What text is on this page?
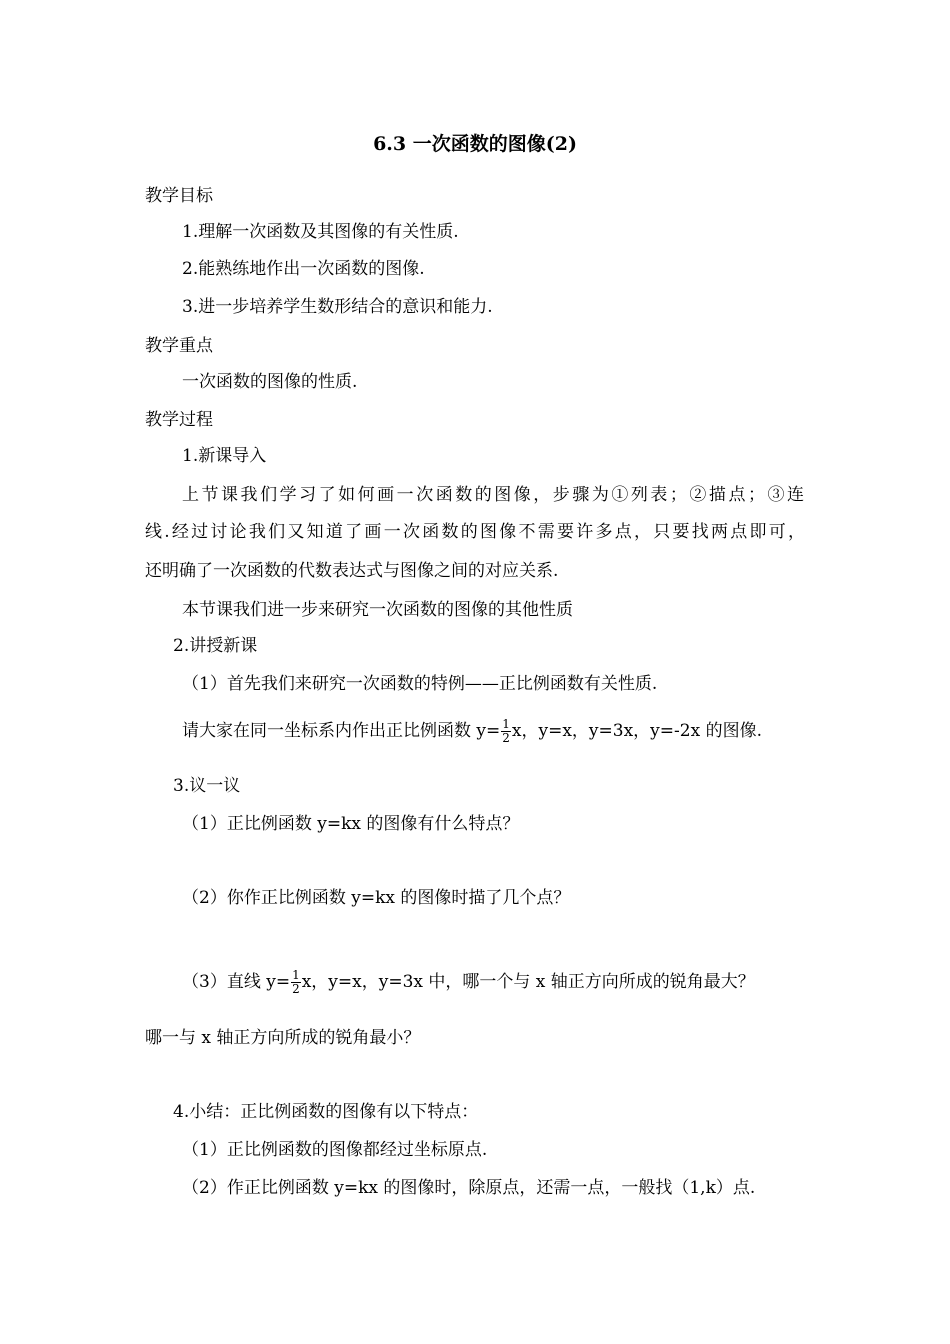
6.3 一次函数的图像(2)
教学目标
1.理解一次函数及其图像的有关性质.
2.能熟练地作出一次函数的图像.
3.进一步培养学生数形结合的意识和能力.
教学重点
一次函数的图像的性质.
教学过程
1.新课导入
上节课我们学习了如何画一次函数的图像，步骤为①列表；②描点；③连
线.经过讨论我们又知道了画一次函数的图像不需要许多点，只要找两点即可，
还明确了一次函数的代数表达式与图像之间的对应关系.
本节课我们进一步来研究一次函数的图像的其他性质
2.讲授新课
（1）首先我们来研究一次函数的特例——正比例函数有关性质.
请大家在同一坐标系内作出正比例函数 $y= \frac{1}{2}$ x，y=x，y=3x，y=-2x 的图像.
3.议一议
（1）正比例函数 y=kx 的图像有什么特点？
（2）你作正比例函数 y=kx 的图像时描了几个点？
（3）直线 $y= \frac{1}{2}$ x，y=x，y=3x 中，哪一个与 x 轴正方向所成的锐角最大？
哪一与 x 轴正方向所成的锐角最小？
4.小结：正比例函数的图像有以下特点：
（1）正比例函数的图像都经过坐标原点.
（2）作正比例函数 y=kx 的图像时，除原点，还需一点，一般找（1,k）点.
